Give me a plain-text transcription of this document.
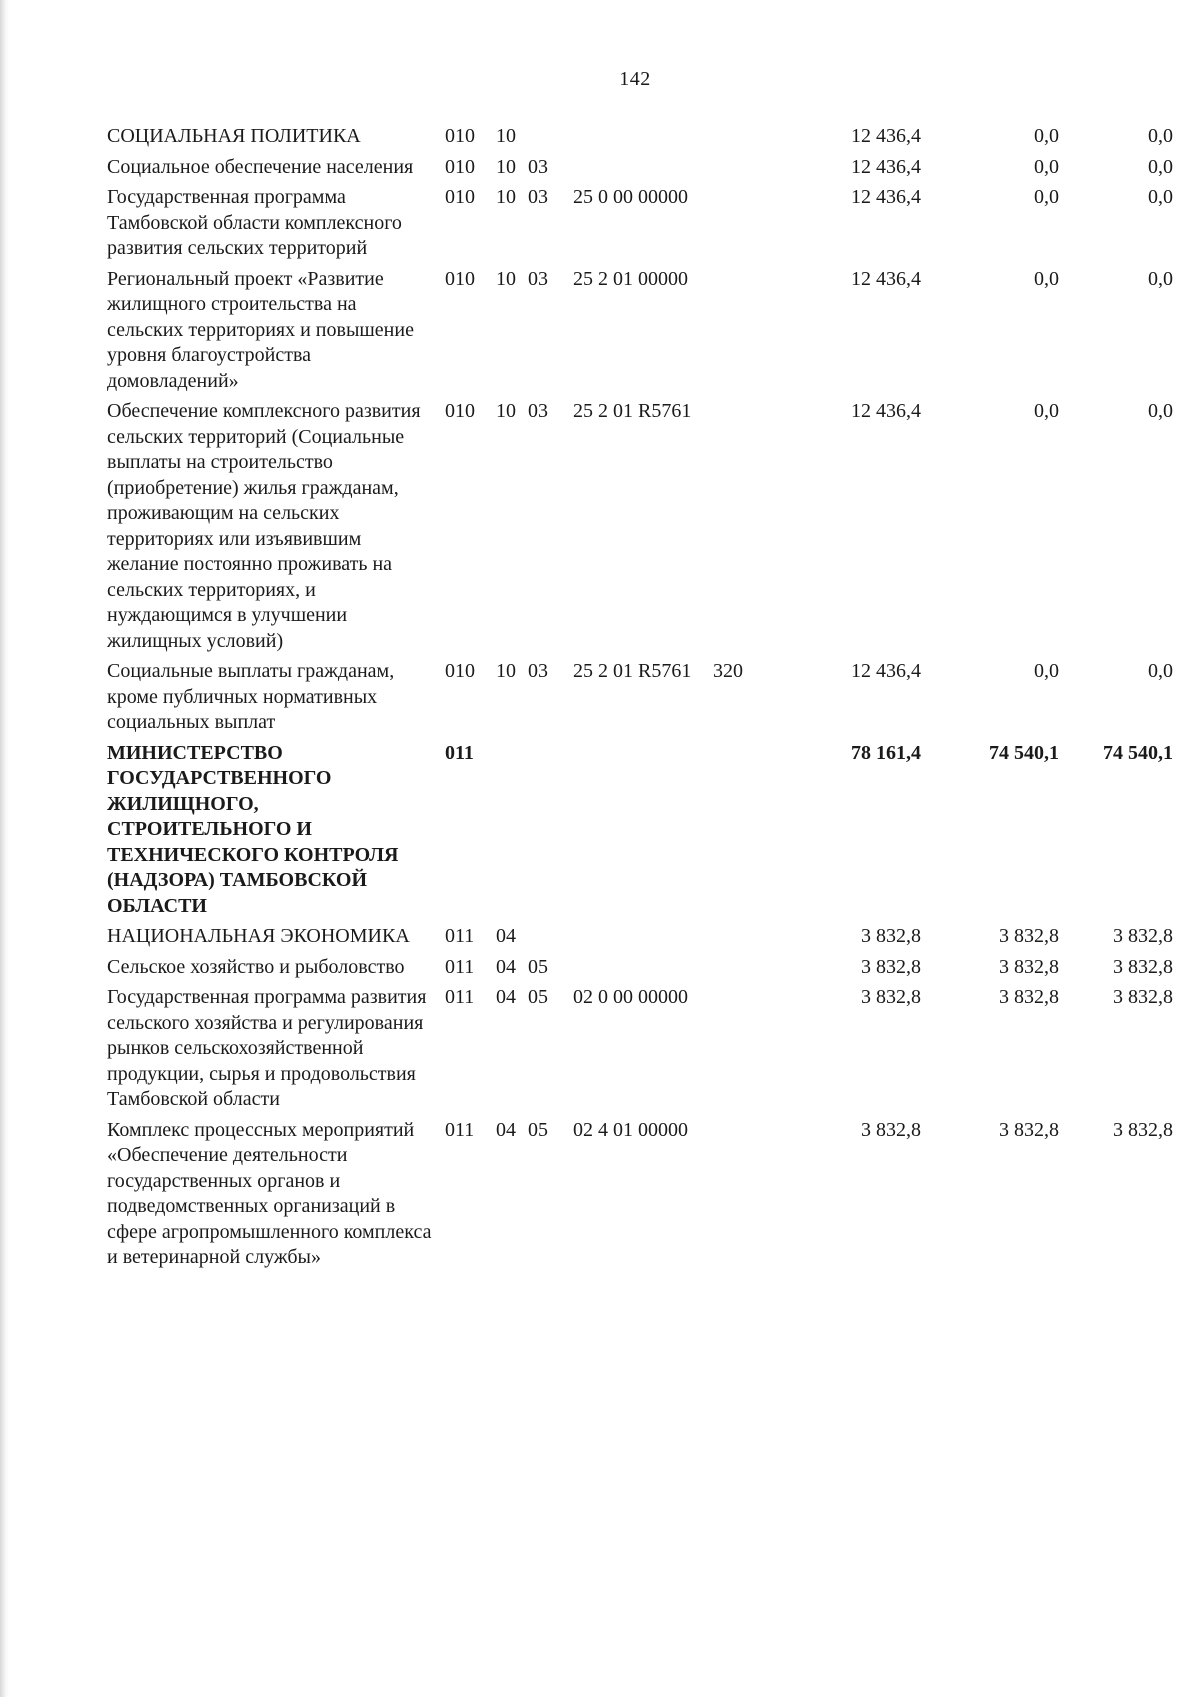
142
СОЦИАЛЬНАЯ ПОЛИТИКА	010	10				12 436,4	0,0	0,0
Социальное обеспечение населения	010	10	03			12 436,4	0,0	0,0
Государственная программа Тамбовской области комплексного развития сельских территорий	010	10	03	25 0 00 00000		12 436,4	0,0	0,0
Региональный проект «Развитие жилищного строительства на сельских территориях и повышение уровня благоустройства домовладений»	010	10	03	25 2 01 00000		12 436,4	0,0	0,0
Обеспечение комплексного развития сельских территорий (Социальные выплаты на строительство (приобретение) жилья гражданам, проживающим на сельских территориях или изъявившим желание постоянно проживать на сельских территориях, и нуждающимся в улучшении жилищных условий)	010	10	03	25 2 01 R5761		12 436,4	0,0	0,0
Социальные выплаты гражданам, кроме публичных нормативных социальных выплат	010	10	03	25 2 01 R5761	320	12 436,4	0,0	0,0
МИНИСТЕРСТВО ГОСУДАРСТВЕННОГО ЖИЛИЩНОГО, СТРОИТЕЛЬНОГО И ТЕХНИЧЕСКОГО КОНТРОЛЯ (НАДЗОРА) ТАМБОВСКОЙ ОБЛАСТИ	011					78 161,4	74 540,1	74 540,1
НАЦИОНАЛЬНАЯ ЭКОНОМИКА	011	04				3 832,8	3 832,8	3 832,8
Сельское хозяйство и рыболовство	011	04	05			3 832,8	3 832,8	3 832,8
Государственная программа развития сельского хозяйства и регулирования рынков сельскохозяйственной продукции, сырья и продовольствия Тамбовской области	011	04	05	02 0 00 00000		3 832,8	3 832,8	3 832,8
Комплекс процессных мероприятий «Обеспечение деятельности государственных органов и подведомственных организаций в сфере агропромышленного комплекса и ветеринарной службы»	011	04	05	02 4 01 00000		3 832,8	3 832,8	3 832,8
